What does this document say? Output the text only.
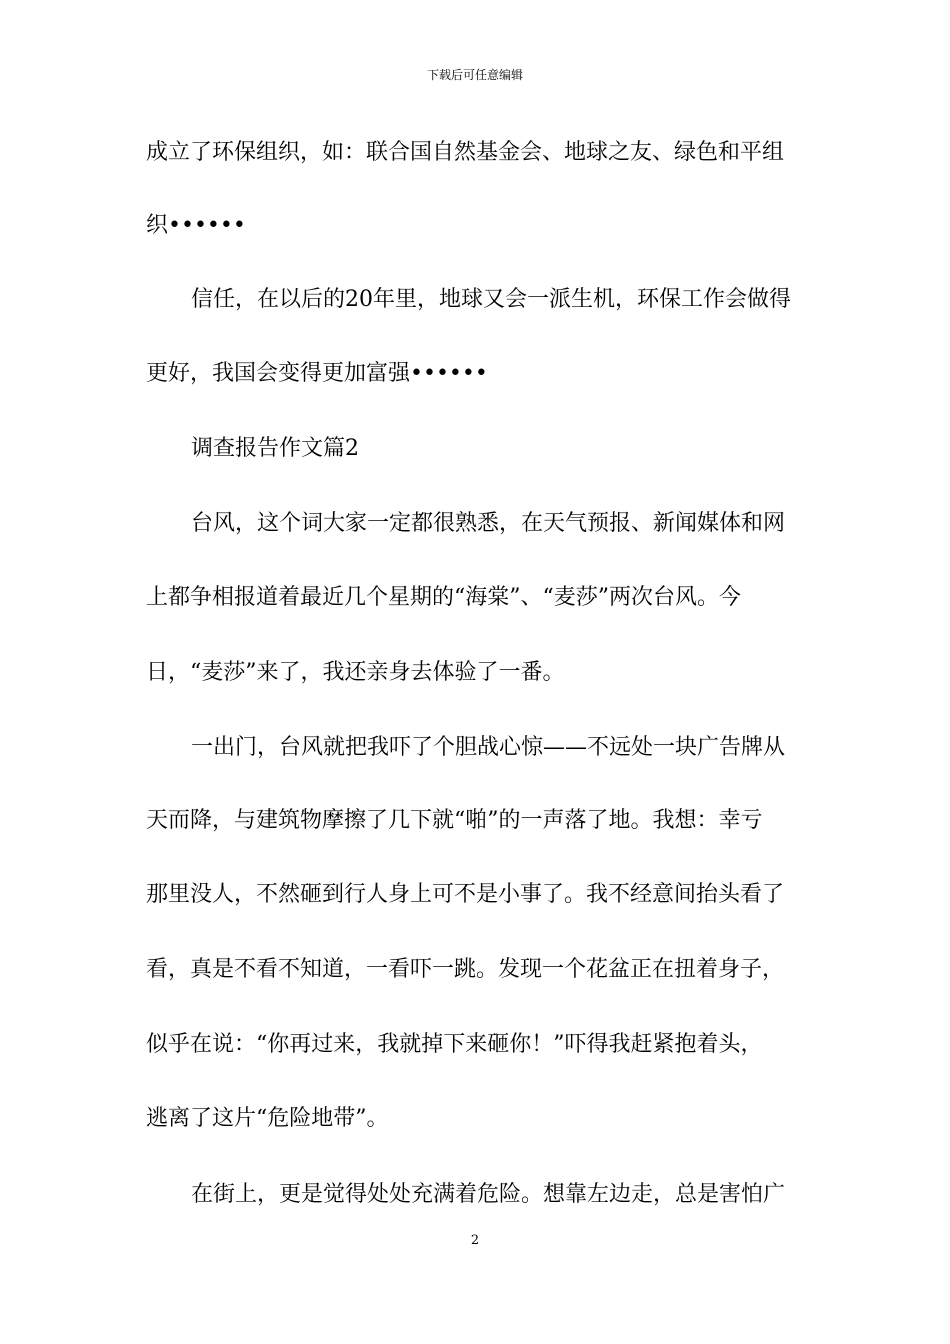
下载后可任意编辑
成立了环保组织，如：联合国自然基金会、地球之友、绿色和平组
织••••••
信任，在以后的20年里，地球又会一派生机，环保工作会做得
更好，我国会变得更加富强••••••
调查报告作文篇2
台风，这个词大家一定都很熟悉，在天气预报、新闻媒体和网
上都争相报道着最近几个星期的“海棠”、“麦莎”两次台风。今
日，“麦莎”来了，我还亲身去体验了一番。
一出门，台风就把我吓了个胆战心惊——不远处一块广告牌从
天而降，与建筑物摩擦了几下就“啪”的一声落了地。我想：幸亏
那里没人，不然砸到行人身上可不是小事了。我不经意间抬头看了
看，真是不看不知道，一看吓一跳。发现一个花盆正在扭着身子，
似乎在说：“你再过来，我就掉下来砸你！”吓得我赶紧抱着头，
逃离了这片“危险地带”。
在街上，更是觉得处处充满着危险。想靠左边走，总是害怕广
2
